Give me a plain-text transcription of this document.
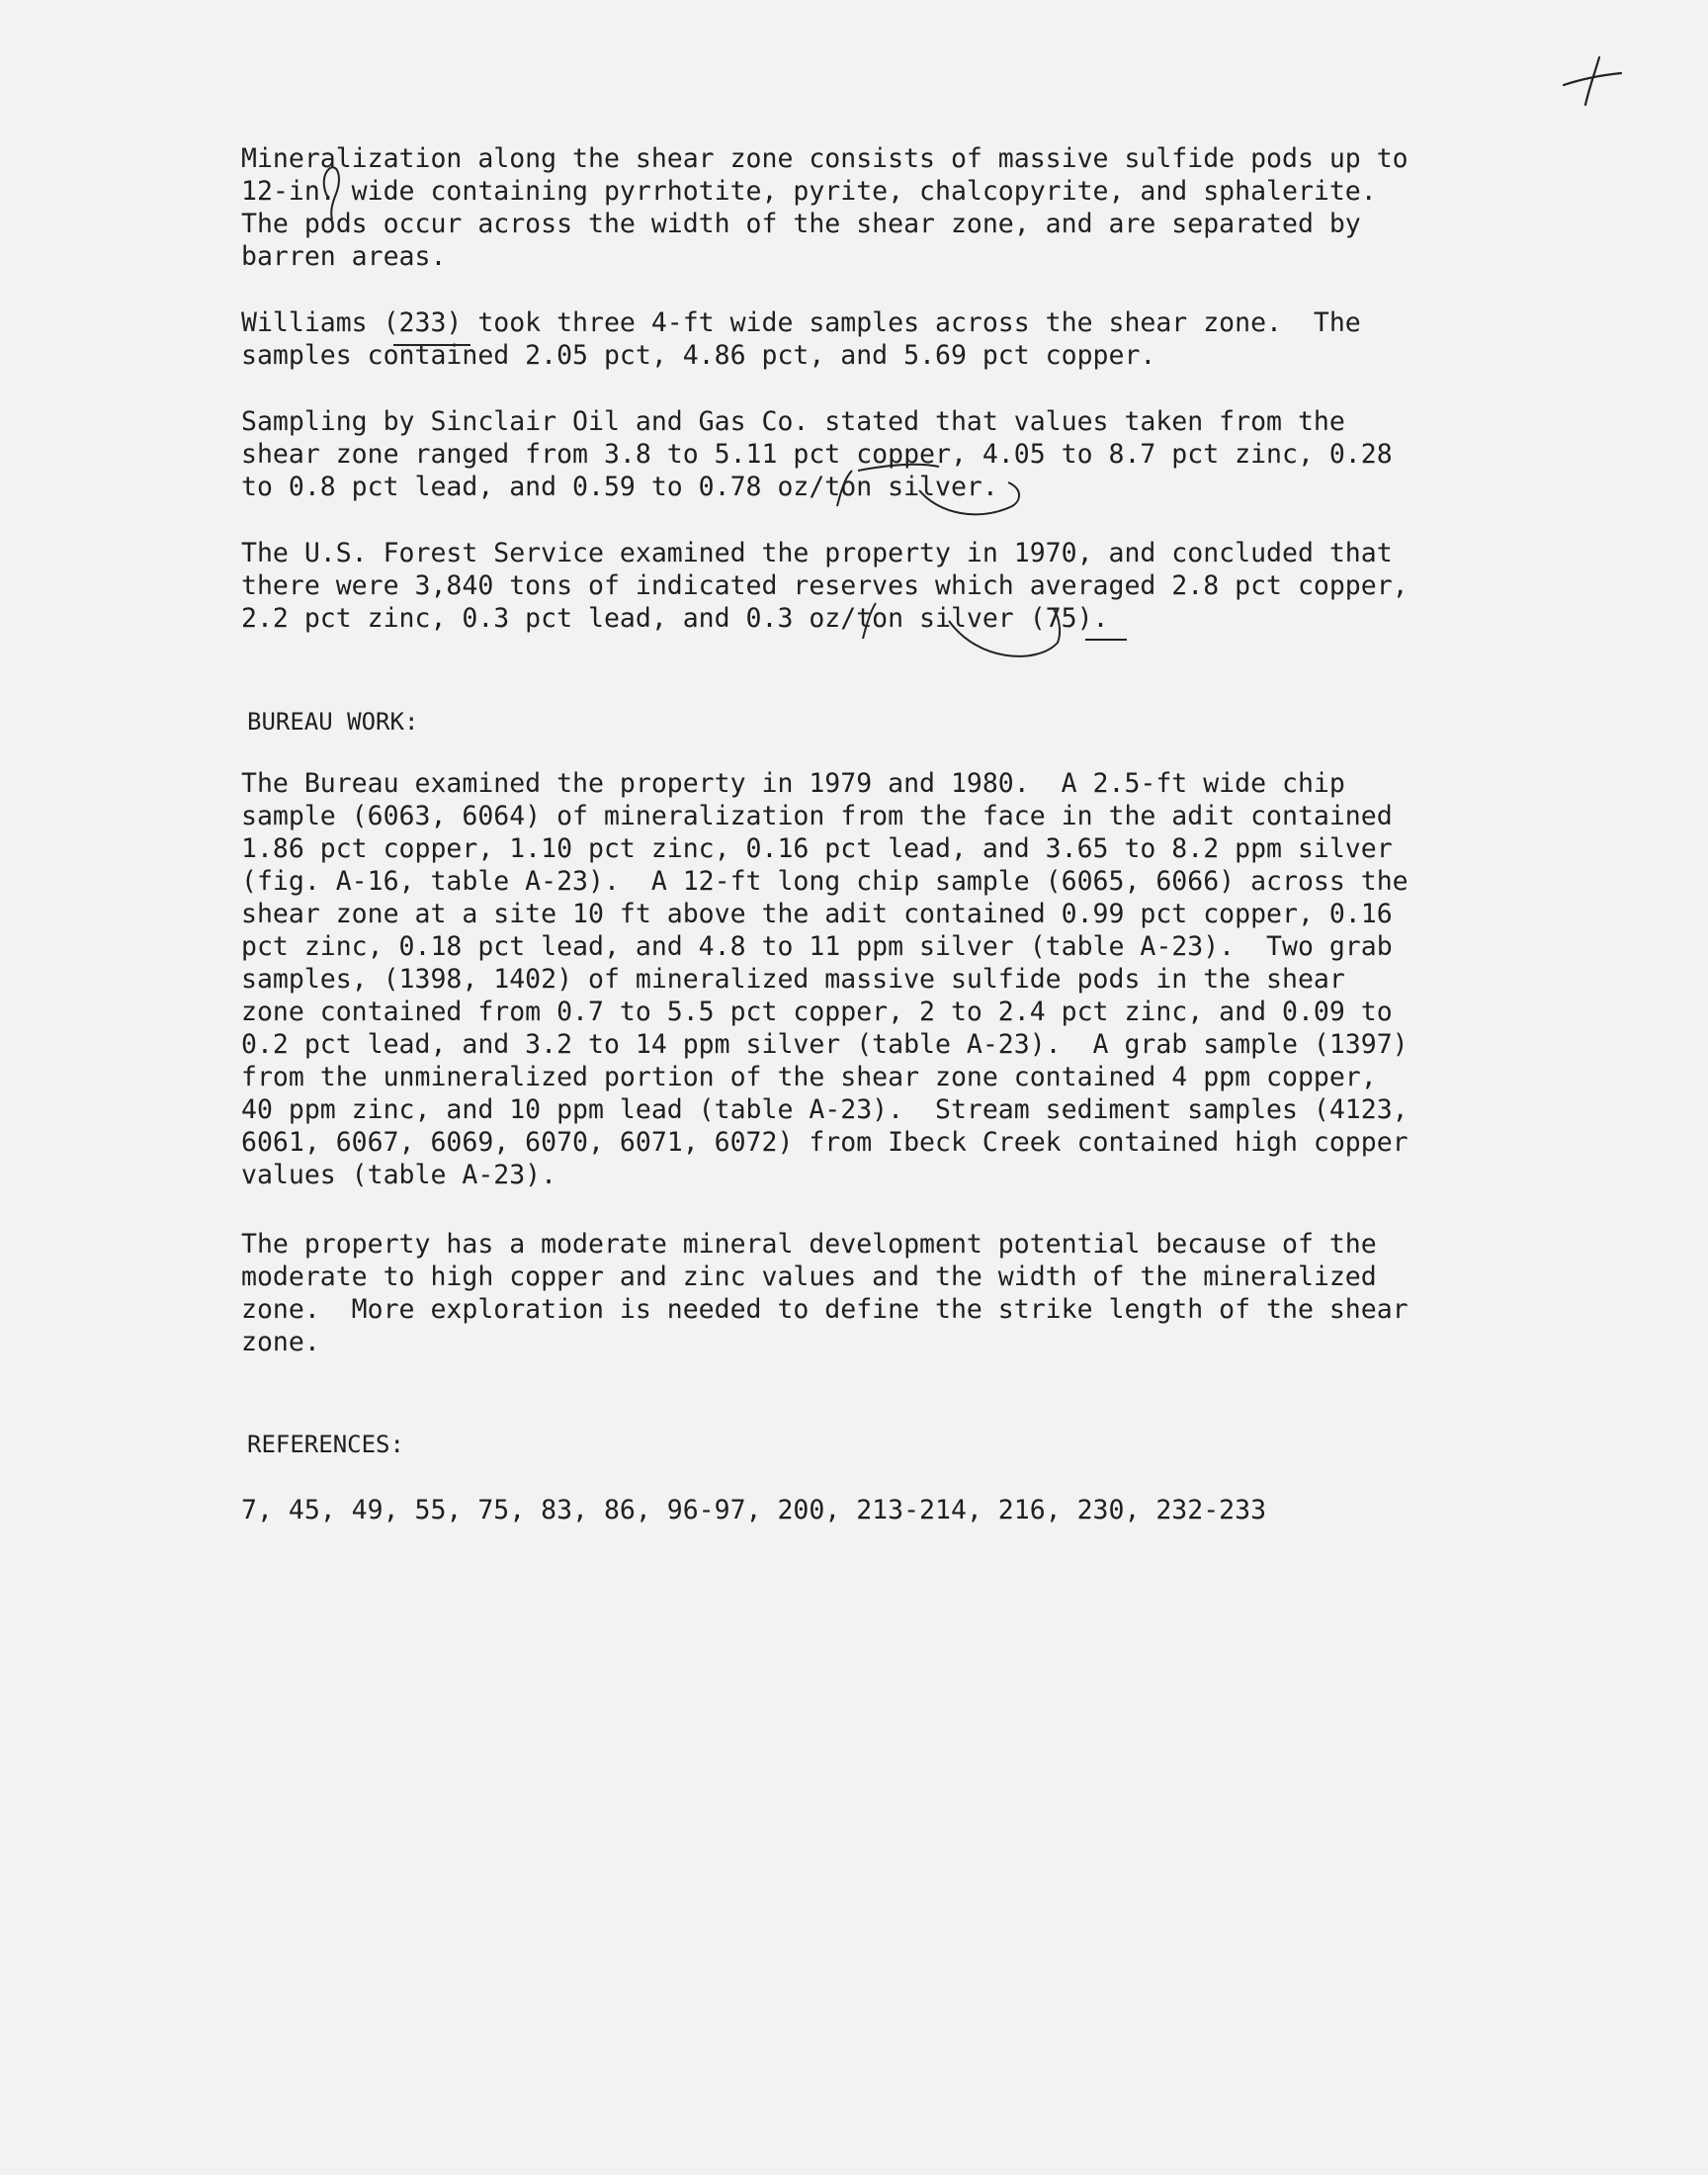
Mineralization along the shear zone consists of massive sulfide pods up to
12-in. wide containing pyrrhotite, pyrite, chalcopyrite, and sphalerite.
The pods occur across the width of the shear zone, and are separated by
barren areas.
Williams (233) took three 4-ft wide samples across the shear zone.  The
samples contained 2.05 pct, 4.86 pct, and 5.69 pct copper.
Sampling by Sinclair Oil and Gas Co. stated that values taken from the
shear zone ranged from 3.8 to 5.11 pct copper, 4.05 to 8.7 pct zinc, 0.28
to 0.8 pct lead, and 0.59 to 0.78 oz/ton silver.
The U.S. Forest Service examined the property in 1970, and concluded that
there were 3,840 tons of indicated reserves which averaged 2.8 pct copper,
2.2 pct zinc, 0.3 pct lead, and 0.3 oz/ton silver (75).
BUREAU WORK:
The Bureau examined the property in 1979 and 1980.  A 2.5-ft wide chip
sample (6063, 6064) of mineralization from the face in the adit contained
1.86 pct copper, 1.10 pct zinc, 0.16 pct lead, and 3.65 to 8.2 ppm silver
(fig. A-16, table A-23).  A 12-ft long chip sample (6065, 6066) across the
shear zone at a site 10 ft above the adit contained 0.99 pct copper, 0.16
pct zinc, 0.18 pct lead, and 4.8 to 11 ppm silver (table A-23).  Two grab
samples, (1398, 1402) of mineralized massive sulfide pods in the shear
zone contained from 0.7 to 5.5 pct copper, 2 to 2.4 pct zinc, and 0.09 to
0.2 pct lead, and 3.2 to 14 ppm silver (table A-23).  A grab sample (1397)
from the unmineralized portion of the shear zone contained 4 ppm copper,
40 ppm zinc, and 10 ppm lead (table A-23).  Stream sediment samples (4123,
6061, 6067, 6069, 6070, 6071, 6072) from Ibeck Creek contained high copper
values (table A-23).
The property has a moderate mineral development potential because of the
moderate to high copper and zinc values and the width of the mineralized
zone.  More exploration is needed to define the strike length of the shear
zone.
REFERENCES:
7, 45, 49, 55, 75, 83, 86, 96-97, 200, 213-214, 216, 230, 232-233
